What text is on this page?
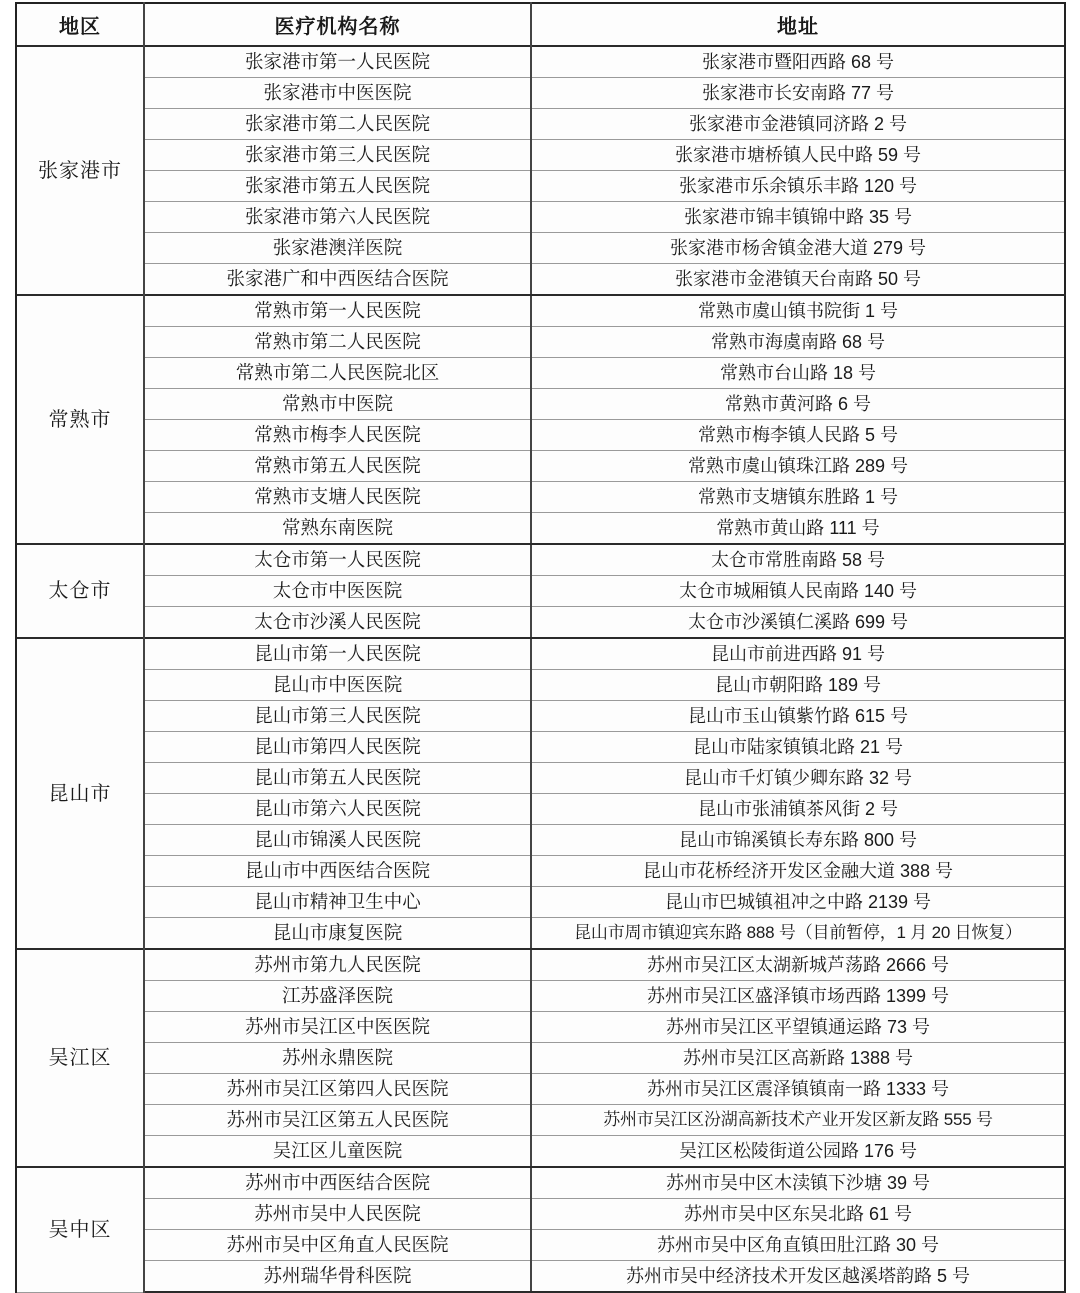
地区	医疗机构名称	地址
张家港市	张家港市第一人民医院	张家港市暨阳西路 68 号
	张家港市中医医院	张家港市长安南路 77 号
	张家港市第二人民医院	张家港市金港镇同济路 2 号
	张家港市第三人民医院	张家港市塘桥镇人民中路 59 号
	张家港市第五人民医院	张家港市乐余镇乐丰路 120 号
	张家港市第六人民医院	张家港市锦丰镇锦中路 35 号
	张家港澳洋医院	张家港市杨舍镇金港大道 279 号
	张家港广和中西医结合医院	张家港市金港镇天台南路 50 号
常熟市	常熟市第一人民医院	常熟市虞山镇书院街 1 号
	常熟市第二人民医院	常熟市海虞南路 68 号
	常熟市第二人民医院北区	常熟市台山路 18 号
	常熟市中医院	常熟市黄河路 6 号
	常熟市梅李人民医院	常熟市梅李镇人民路 5 号
	常熟市第五人民医院	常熟市虞山镇珠江路 289 号
	常熟市支塘人民医院	常熟市支塘镇东胜路 1 号
	常熟东南医院	常熟市黄山路 111 号
太仓市	太仓市第一人民医院	太仓市常胜南路 58 号
	太仓市中医医院	太仓市城厢镇人民南路 140 号
	太仓市沙溪人民医院	太仓市沙溪镇仁溪路 699 号
昆山市	昆山市第一人民医院	昆山市前进西路 91 号
	昆山市中医医院	昆山市朝阳路 189 号
	昆山市第三人民医院	昆山市玉山镇紫竹路 615 号
	昆山市第四人民医院	昆山市陆家镇镇北路 21 号
	昆山市第五人民医院	昆山市千灯镇少卿东路 32 号
	昆山市第六人民医院	昆山市张浦镇茶风街 2 号
	昆山市锦溪人民医院	昆山市锦溪镇长寿东路 800 号
	昆山市中西医结合医院	昆山市花桥经济开发区金融大道 388 号
	昆山市精神卫生中心	昆山市巴城镇祖冲之中路 2139 号
	昆山市康复医院	昆山市周市镇迎宾东路 888 号（目前暂停，1 月 20 日恢复）
吴江区	苏州市第九人民医院	苏州市吴江区太湖新城芦荡路 2666 号
	江苏盛泽医院	苏州市吴江区盛泽镇市场西路 1399 号
	苏州市吴江区中医医院	苏州市吴江区平望镇通运路 73 号
	苏州永鼎医院	苏州市吴江区高新路 1388 号
	苏州市吴江区第四人民医院	苏州市吴江区震泽镇镇南一路 1333 号
	苏州市吴江区第五人民医院	苏州市吴江区汾湖高新技术产业开发区新友路 555 号
	吴江区儿童医院	吴江区松陵街道公园路 176 号
吴中区	苏州市中西医结合医院	苏州市吴中区木渎镇下沙塘 39 号
	苏州市吴中人民医院	苏州市吴中区东吴北路 61 号
	苏州市吴中区角直人民医院	苏州市吴中区角直镇田肚江路 30 号
	苏州瑞华骨科医院	苏州市吴中经济技术开发区越溪塔韵路 5 号
